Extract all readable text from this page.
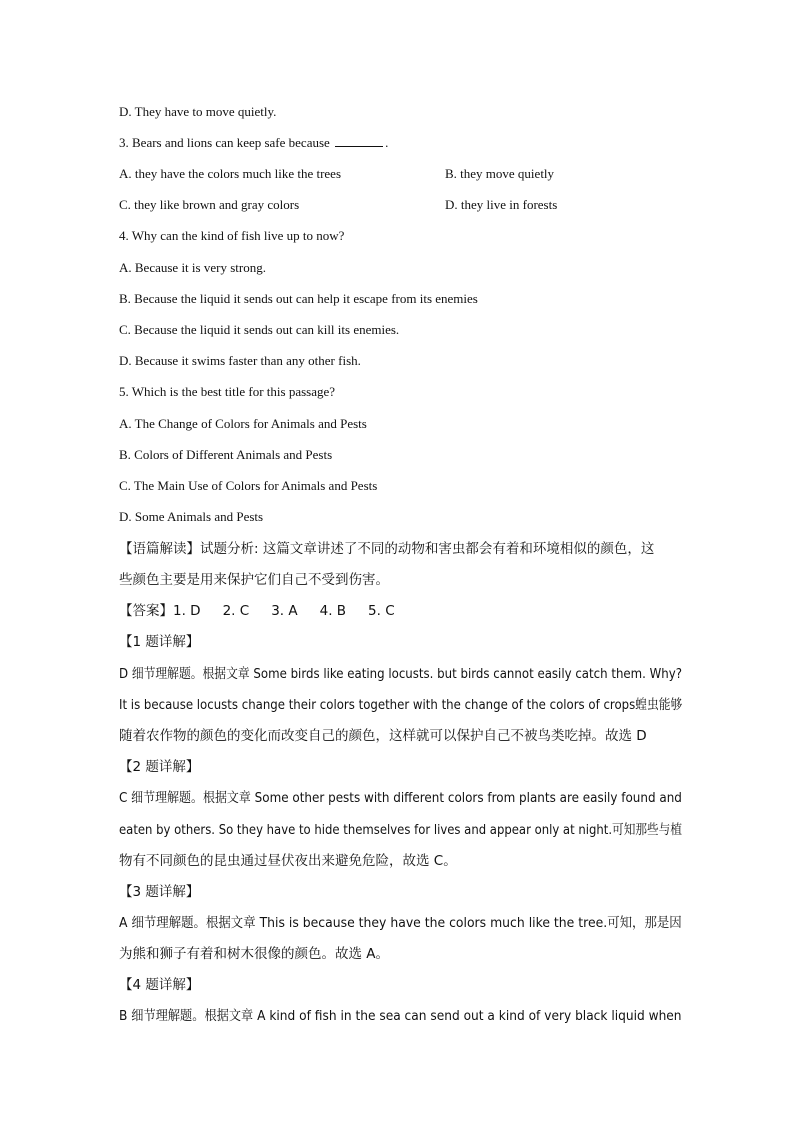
D. They have to move quietly.
3. Bears and lions can keep safe because	.
A. they have the colors much like the trees	B. they move quietly
C. they like brown and gray colors	D. they live in forests
4. Why can the kind of fish live up to now?
A. Because it is very strong.
B. Because the liquid it sends out can help it escape from its enemies
C. Because the liquid it sends out can kill its enemies.
D. Because it swims faster than any other fish.
5. Which is the best title for this passage?
A. The Change of Colors for Animals and Pests
B. Colors of Different Animals and Pests
C. The Main Use of Colors for Animals and Pests
D. Some Animals and Pests
【语篇解读】试题分析: 这篇文章讲述了不同的动物和害虫都会有着和环境相似的颜色，这
些颜色主要是用来保护它们自己不受到伤害。
【答案】1. D 2. C 3. A 4. B 5. C
【1 题详解】
D 细节理解题。根据文章 Some birds like eating locusts. but birds cannot easily catch them. Why?
It is because locusts change their colors together with the change of the colors of crops蝗虫能够
随着农作物的颜色的变化而改变自己的颜色，这样就可以保护自己不被鸟类吃掉。故选 D
【2 题详解】
C 细节理解题。根据文章 Some other pests with different colors from plants are easily found and
eaten by others. So they have to hide themselves for lives and appear only at night.可知那些与植
物有不同颜色的昆虫通过昼伏夜出来避免危险，故选 C。
【3 题详解】
A 细节理解题。根据文章 This is because they have the colors much like the tree.可知，那是因
为熊和狮子有着和树木很像的颜色。故选 A。
【4 题详解】
B 细节理解题。根据文章 A kind of fish in the sea can send out a kind of very black liquid when
